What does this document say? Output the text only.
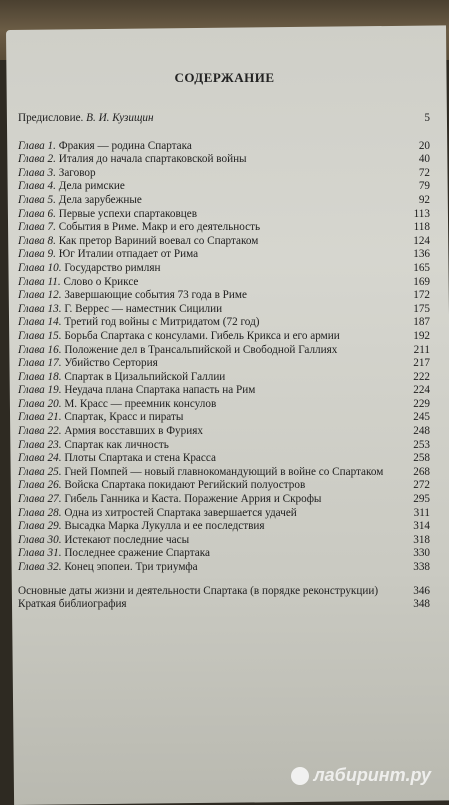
СОДЕРЖАНИЕ
Предисловие. В. И. Кузищин	5
Глава 1. Фракия — родина Спартака	20
Глава 2. Италия до начала спартаковской войны	40
Глава 3. Заговор	72
Глава 4. Дела римские	79
Глава 5. Дела зарубежные	92
Глава 6. Первые успехи спартаковцев	113
Глава 7. События в Риме. Макр и его деятельность	118
Глава 8. Как претор Вариний воевал со Спартаком	124
Глава 9. Юг Италии отпадает от Рима	136
Глава 10. Государство римлян	165
Глава 11. Слово о Криксе	169
Глава 12. Завершающие события 73 года в Риме	172
Глава 13. Г. Веррес — наместник Сицилии	175
Глава 14. Третий год войны с Митридатом (72 год)	187
Глава 15. Борьба Спартака с консулами. Гибель Крикса и его армии	192
Глава 16. Положение дел в Трансальпийской и Свободной Галлиях	211
Глава 17. Убийство Сертория	217
Глава 18. Спартак в Цизальпийской Галлии	222
Глава 19. Неудача плана Спартака напасть на Рим	224
Глава 20. М. Красс — преемник консулов	229
Глава 21. Спартак, Красс и пираты	245
Глава 22. Армия восставших в Фуриях	248
Глава 23. Спартак как личность	253
Глава 24. Плоты Спартака и стена Красса	258
Глава 25. Гней Помпей — новый главнокомандующий в войне со Спартаком	268
Глава 26. Войска Спартака покидают Регийский полуостров	272
Глава 27. Гибель Ганника и Каста. Поражение Аррия и Скрофы	295
Глава 28. Одна из хитростей Спартака завершается удачей	311
Глава 29. Высадка Марка Лукулла и ее последствия	314
Глава 30. Истекают последние часы	318
Глава 31. Последнее сражение Спартака	330
Глава 32. Конец эпопеи. Три триумфа	338
Основные даты жизни и деятельности Спартака (в порядке реконструкции)	346
Краткая библиография	348
лабиринт.ру
